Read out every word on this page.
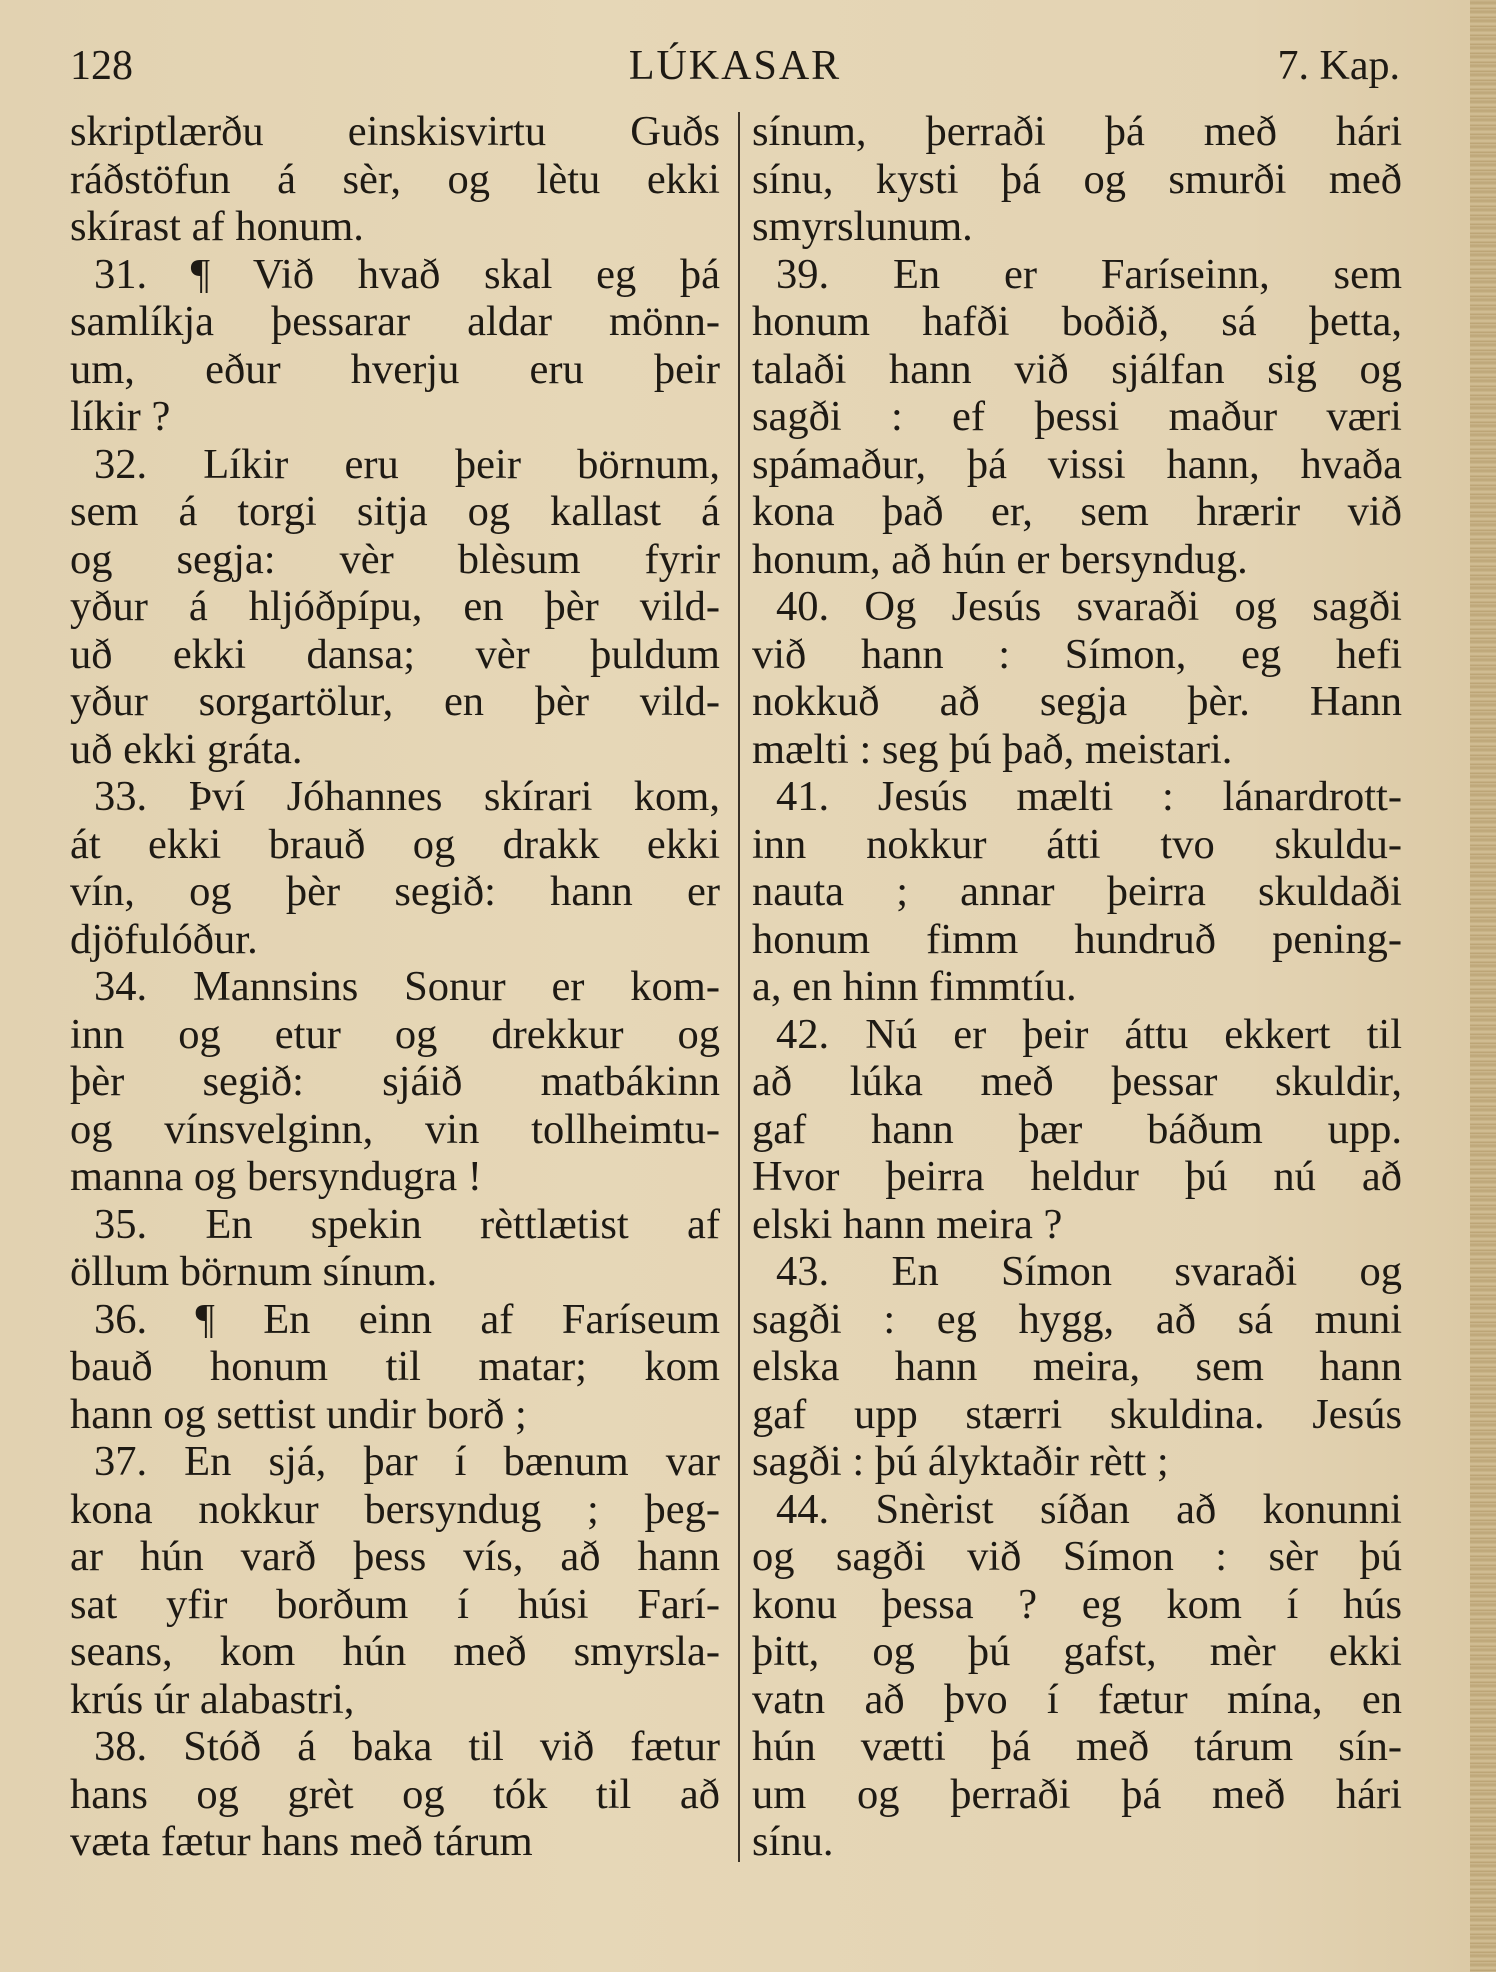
128	LÚKASAR	7. Kap.
skriptlærðu einskisvirtu Guðs
ráðstöfun á sèr, og lètu ekki
skírast af honum.
31. ¶ Við hvað skal eg þá
samlíkja þessarar aldar mönn-
um, eður hverju eru þeir
líkir ?
32. Líkir eru þeir börnum,
sem á torgi sitja og kallast á
og segja: vèr blèsum fyrir
yður á hljóðpípu, en þèr vild-
uð ekki dansa; vèr þuldum
yður sorgartölur, en þèr vild-
uð ekki gráta.
33. Því Jóhannes skírari kom,
át ekki brauð og drakk ekki
vín, og þèr segið: hann er
djöfulóður.
34. Mannsins Sonur er kom-
inn og etur og drekkur og
þèr segið: sjáið matbákinn
og vínsvelginn, vin tollheimtu-
manna og bersyndugra !
35. En spekin rèttlætist af
öllum börnum sínum.
36. ¶ En einn af Faríseum
bauð honum til matar; kom
hann og settist undir borð ;
37. En sjá, þar í bænum var
kona nokkur bersyndug ; þeg-
ar hún varð þess vís, að hann
sat yfir borðum í húsi Farí-
seans, kom hún með smyrsla-
krús úr alabastri,
38. Stóð á baka til við fætur
hans og grèt og tók til að
væta fætur hans með tárum
sínum, þerraði þá með hári
sínu, kysti þá og smurði með
smyrslunum.
39. En er Faríseinn, sem
honum hafði boðið, sá þetta,
talaði hann við sjálfan sig og
sagði : ef þessi maður væri
spámaður, þá vissi hann, hvaða
kona það er, sem hrærir við
honum, að hún er bersyndug.
40. Og Jesús svaraði og sagði
við hann : Símon, eg hefi
nokkuð að segja þèr. Hann
mælti : seg þú það, meistari.
41. Jesús mælti : lánardrott-
inn nokkur átti tvo skuldu-
nauta ; annar þeirra skuldaði
honum fimm hundruð pening-
a, en hinn fimmtíu.
42. Nú er þeir áttu ekkert til
að lúka með þessar skuldir,
gaf hann þær báðum upp.
Hvor þeirra heldur þú nú að
elski hann meira ?
43. En Símon svaraði og
sagði : eg hygg, að sá muni
elska hann meira, sem hann
gaf upp stærri skuldina. Jesús
sagði : þú ályktaðir rètt ;
44. Snèrist síðan að konunni
og sagði við Símon : sèr þú
konu þessa ? eg kom í hús
þitt, og þú gafst, mèr ekki
vatn að þvo í fætur mína, en
hún vætti þá með tárum sín-
um og þerraði þá með hári
sínu.
